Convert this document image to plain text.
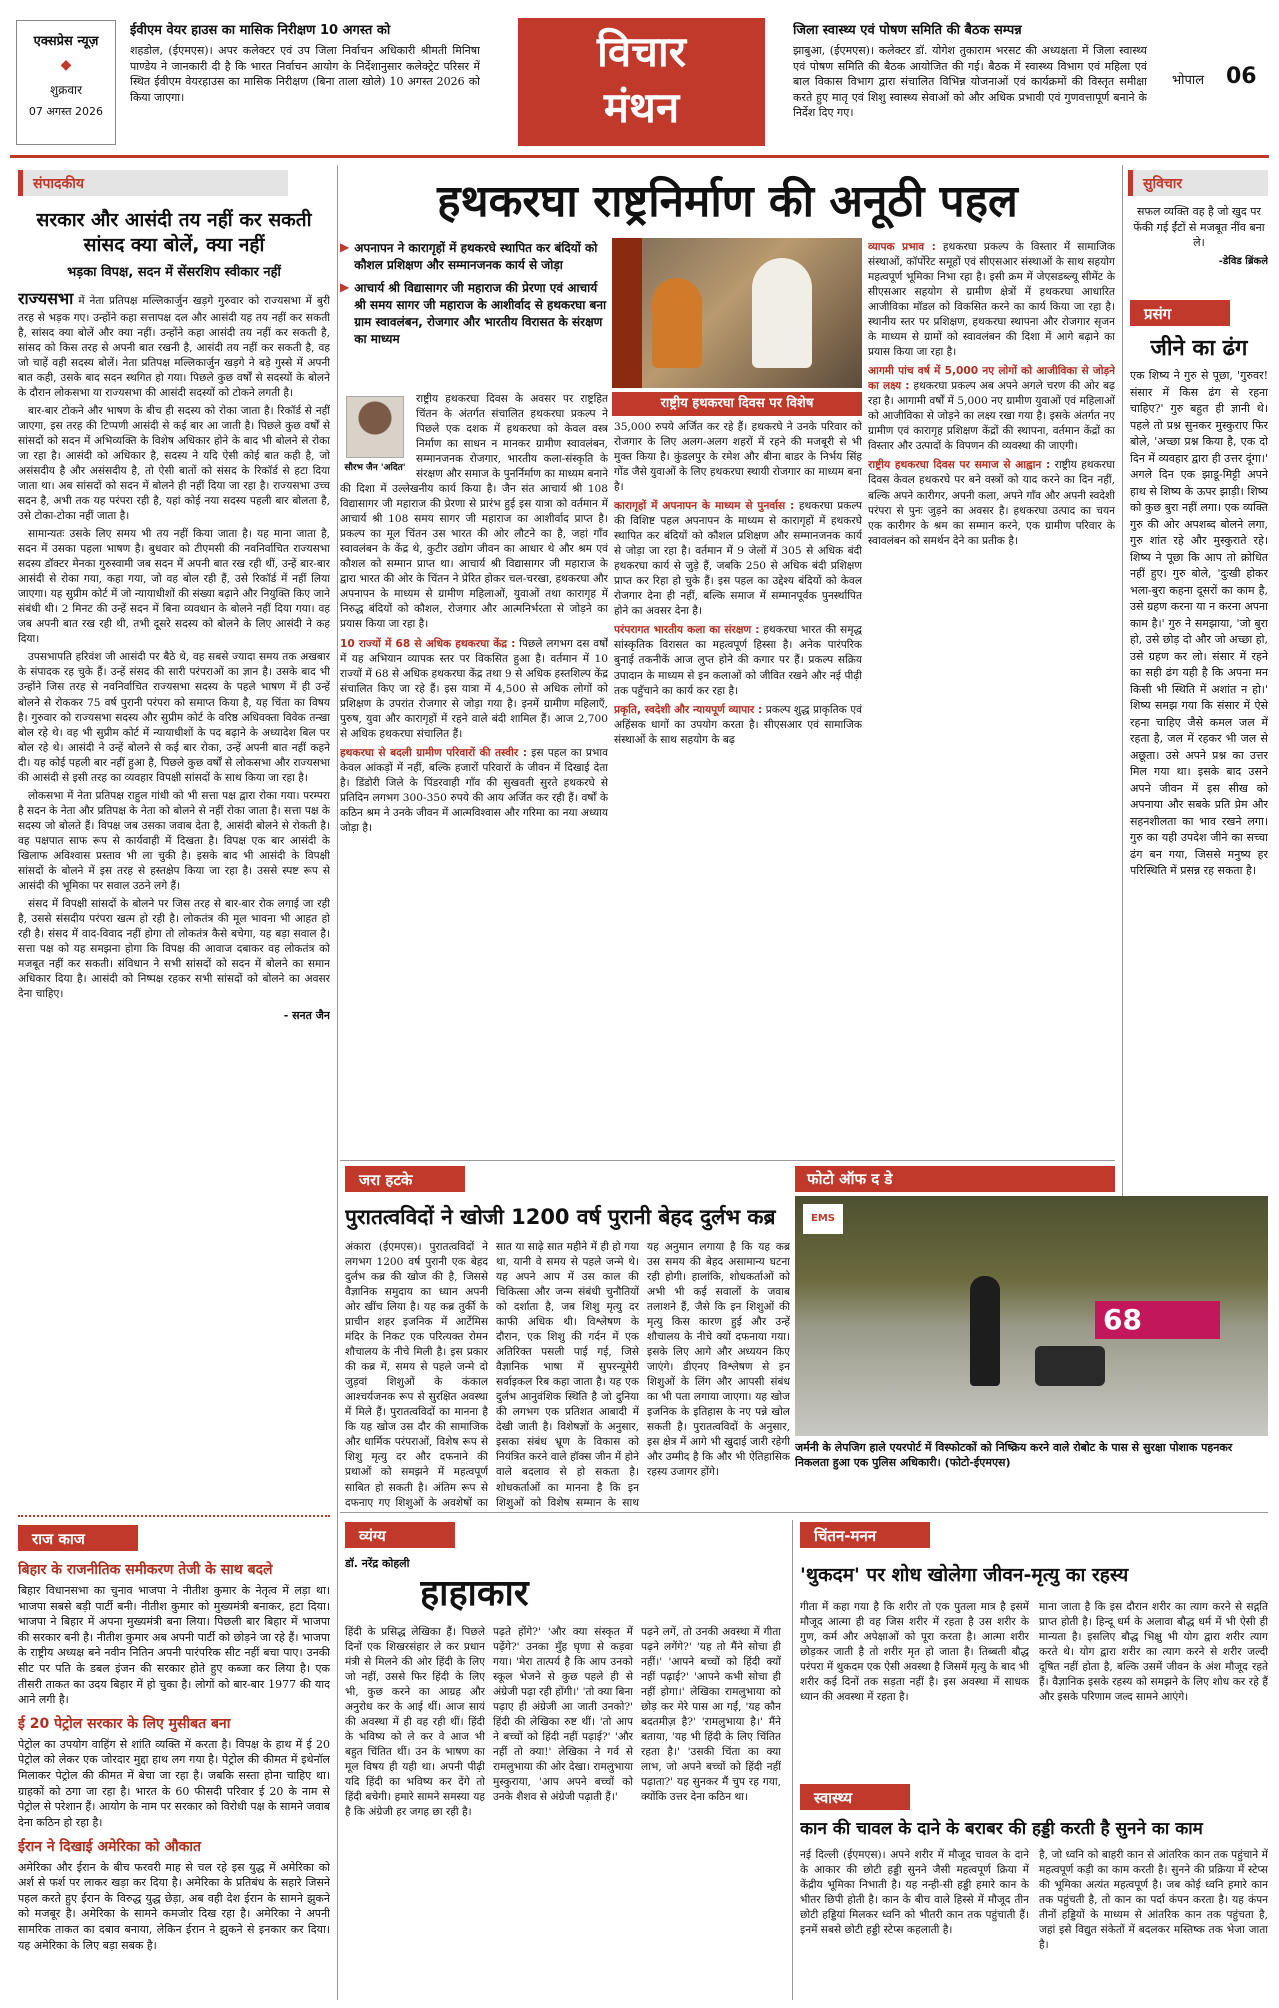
एक्सप्रेस न्यूज़
◆
शुक्रवार
07 अगस्त 2026
ईवीएम वेयर हाउस का मासिक निरीक्षण 10 अगस्त को
शहडोल, (ईएमएस)। अपर कलेक्टर एवं उप जिला निर्वाचन अधिकारी श्रीमती मिनिषा पाण्डेय ने जानकारी दी है कि भारत निर्वाचन आयोग के निर्देशानुसार कलेक्ट्रेट परिसर में स्थित ईवीएम वेयरहाउस का मासिक निरीक्षण (बिना ताला खोले) 10 अगस्त 2026 को किया जाएगा।
विचार
मंथन
जिला स्वास्थ्य एवं पोषण समिति की बैठक सम्पन्न
झाबुआ, (ईएमएस)। कलेक्टर डॉ. योगेश तुकाराम भरसट की अध्यक्षता में जिला स्वास्थ्य एवं पोषण समिति की बैठक आयोजित की गई। बैठक में स्वास्थ्य विभाग एवं महिला एवं बाल विकास विभाग द्वारा संचालित विभिन्न योजनाओं एवं कार्यक्रमों की विस्तृत समीक्षा करते हुए मातृ एवं शिशु स्वास्थ्य सेवाओं को और अधिक प्रभावी एवं गुणवत्तापूर्ण बनाने के निर्देश दिए गए।
भोपाल 06
संपादकीय
सरकार और आसंदी तय नहीं कर सकती सांसद क्या बोलें, क्या नहीं
भड़का विपक्ष, सदन में सेंसरशिप स्वीकार नहीं

राज्यसभा में नेता प्रतिपक्ष मल्लिकार्जुन खड़गे गुरुवार को राज्यसभा में बुरी तरह से भड़क गए। उन्होंने कहा सत्तापक्ष दल और आसंदी यह तय नहीं कर सकती है, सांसद क्या बोलें और क्या नहीं। उन्होंने कहा आसंदी तय नहीं कर सकती है, सांसद को किस तरह से अपनी बात रखनी है, आसंदी तय नहीं कर सकती है, वह जो चाहें वही सदस्य बोलें। नेता प्रतिपक्ष मल्लिकार्जुन खड़गे ने बड़े गुस्से में अपनी बात कही, उसके बाद सदन स्थगित हो गया। पिछले कुछ वर्षों से सदस्यों के बोलने के दौरान लोकसभा या राज्यसभा की आसंदी सदस्यों को टोकने लगती है।

बार-बार टोकने और भाषण के बीच ही सदस्य को रोका जाता है। रिकॉर्ड से नहीं जाएगा, इस तरह की टिप्पणी आसंदी से कई बार आ जाती है। पिछले कुछ वर्षों से सांसदों को सदन में अभिव्यक्ति के विशेष अधिकार होने के बाद भी बोलने से रोका जा रहा है। आसंदी को अधिकार है, सदस्य ने यदि ऐसी कोई बात कही है, जो असंसदीय है और असंसदीय है, तो ऐसी बातों को संसद के रिकॉर्ड से हटा दिया जाता था। अब सांसदों को सदन में बोलने ही नहीं दिया जा रहा है। राज्यसभा उच्च सदन है, अभी तक यह परंपरा रही है, यहां कोई नया सदस्य पहली बार बोलता है, उसे टोका-टोका नहीं जाता है।

सामान्यतः उसके लिए समय भी तय नहीं किया जाता है। यह माना जाता है, सदन में उसका पहला भाषण है। बुधवार को टीएमसी की नवनिर्वाचित राज्यसभा सदस्य डॉक्टर मेनका गुरुस्वामी जब सदन में अपनी बात रख रही थीं, उन्हें बार-बार आसंदी से रोका गया, कहा गया, जो वह बोल रही हैं, उसे रिकॉर्ड में नहीं लिया जाएगा। यह सुप्रीम कोर्ट में जो न्यायाधीशों की संख्या बढ़ाने और नियुक्ति किए जाने संबंधी थी। 2 मिनट की उन्हें सदन में बिना व्यवधान के बोलने नहीं दिया गया। वह जब अपनी बात रख रही थी, तभी दूसरे सदस्य को बोलने के लिए आसंदी ने कह दिया।

उपसभापति हरिवंश जी आसंदी पर बैठे थे, वह सबसे ज्यादा समय तक अखबार के संपादक रह चुके हैं। उन्हें संसद की सारी परंपराओं का ज्ञान है। उसके बाद भी उन्होंने जिस तरह से नवनिर्वाचित राज्यसभा सदस्य के पहले भाषण में ही उन्हें बोलने से रोककर 75 वर्ष पुरानी परंपरा को समाप्त किया है, यह चिंता का विषय है। गुरुवार को राज्यसभा सदस्य और सुप्रीम कोर्ट के वरिष्ठ अधिवक्ता विवेक तन्खा बोल रहे थे। वह भी सुप्रीम कोर्ट में न्यायाधीशों के पद बढ़ाने के अध्यादेश बिल पर बोल रहे थे। आसंदी ने उन्हें बोलने से कई बार रोका, उन्हें अपनी बात नहीं कहने दी। यह कोई पहली बार नहीं हुआ है, पिछले कुछ वर्षों से लोकसभा और राज्यसभा की आसंदी से इसी तरह का व्यवहार विपक्षी सांसदों के साथ किया जा रहा है।

लोकसभा में नेता प्रतिपक्ष राहुल गांधी को भी सत्ता पक्ष द्वारा रोका गया। परम्परा है सदन के नेता और प्रतिपक्ष के नेता को बोलने से नहीं रोका जाता है। सत्ता पक्ष के सदस्य जो बोलते हैं। विपक्ष जब उसका जवाब देता है, आसंदी बोलने से रोकती है। वह पक्षपात साफ रूप से कार्यवाही में दिखता है। विपक्ष एक बार आसंदी के खिलाफ अविश्वास प्रस्ताव भी ला चुकी है। इसके बाद भी आसंदी के विपक्षी सांसदों के बोलने में इस तरह से हस्तक्षेप किया जा रहा है। उससे स्पष्ट रूप से आसंदी की भूमिका पर सवाल उठने लगे हैं।

संसद में विपक्षी सांसदों के बोलने पर जिस तरह से बार-बार रोक लगाई जा रही है, उससे संसदीय परंपरा खत्म हो रही है। लोकतंत्र की मूल भावना भी आहत हो रही है। संसद में वाद-विवाद नहीं होगा तो लोकतंत्र कैसे बचेगा, यह बड़ा सवाल है। सत्ता पक्ष को यह समझना होगा कि विपक्ष की आवाज दबाकर वह लोकतंत्र को मजबूत नहीं कर सकती। संविधान ने सभी सांसदों को सदन में बोलने का समान अधिकार दिया है। आसंदी को निष्पक्ष रहकर सभी सांसदों को बोलने का अवसर देना चाहिए।

- सनत जैन
राज काज
बिहार के राजनीतिक समीकरण तेजी के साथ बदले
बिहार विधानसभा का चुनाव भाजपा ने नीतीश कुमार के नेतृत्व में लड़ा था। भाजपा सबसे बड़ी पार्टी बनी। नीतीश कुमार को मुख्यमंत्री बनाकर, हटा दिया। भाजपा ने बिहार में अपना मुख्यमंत्री बना लिया। पिछली बार बिहार में भाजपा की सरकार बनी है। नीतीश कुमार अब अपनी पार्टी को छोड़ने जा रहे हैं। भाजपा के राष्ट्रीय अध्यक्ष बने नवीन नितिन अपनी पारंपरिक सीट नहीं बचा पाए। उनकी सीट पर पति के डबल इंजन की सरकार होते हुए कब्जा कर लिया है। एक तीसरी ताकत का उदय बिहार में हो चुका है। लोगों को बार-बार 1977 की याद आने लगी है।
ई 20 पेट्रोल सरकार के लिए मुसीबत बना
पेट्रोल का उपयोग वाहिंग से शांति व्यक्ति में करता है। विपक्ष के हाथ में ई 20 पेट्रोल को लेकर एक जोरदार मुद्दा हाथ लग गया है। पेट्रोल की कीमत में इथेनॉल मिलाकर पेट्रोल की कीमत में बेचा जा रहा है। जबकि सस्ता होना चाहिए था। ग्राहकों को ठगा जा रहा है। भारत के 60 फीसदी परिवार ई 20 के नाम से पेट्रोल से परेशान हैं। आयोग के नाम पर सरकार को विरोधी पक्ष के सामने जवाब देना कठिन हो रहा है।
ईरान ने दिखाई अमेरिका को औकात
अमेरिका और ईरान के बीच फरवरी माह से चल रहे इस युद्ध में अमेरिका को अर्श से फर्श पर लाकर खड़ा कर दिया है। अमेरिका के प्रतिबंध के सहारे जिसने पहल करते हुए ईरान के विरुद्ध युद्ध छेड़ा, अब वही देश ईरान के सामने झुकने को मजबूर है। अमेरिका के सामने कमजोर दिख रहा है। अमेरिका ने अपनी सामरिक ताकत का दबाव बनाया, लेकिन ईरान ने झुकने से इनकार कर दिया। यह अमेरिका के लिए बड़ा सबक है।
हथकरघा राष्ट्रनिर्माण की अनूठी पहल
▶ अपनापन ने कारागृहों में हथकरघे स्थापित कर बंदियों को कौशल प्रशिक्षण और सम्मानजनक कार्य से जोड़ा
▶ आचार्य श्री विद्यासागर जी महाराज की प्रेरणा एवं आचार्य श्री समय सागर जी महाराज के आशीर्वाद से हथकरघा बना ग्राम स्वावलंबन, रोजगार और भारतीय विरासत के संरक्षण का माध्यम
राष्ट्रीय हथकरघा दिवस पर विशेष
सौरभ जैन 'अदित'
राष्ट्रीय हथकरघा दिवस के अवसर पर राष्ट्रहित चिंतन के अंतर्गत संचालित हथकरघा प्रकल्प ने पिछले एक दशक में हथकरघा को केवल वस्त्र निर्माण का साधन न मानकर ग्रामीण स्वावलंबन, सम्मानजनक रोजगार, भारतीय कला-संस्कृति के संरक्षण और समाज के पुनर्निर्माण का माध्यम बनाने की दिशा में उल्लेखनीय कार्य किया है। जैन संत आचार्य श्री 108 विद्यासागर जी महाराज की प्रेरणा से प्रारंभ हुई इस यात्रा को वर्तमान में आचार्य श्री 108 समय सागर जी महाराज का आशीर्वाद प्राप्त है। प्रकल्प का मूल चिंतन उस भारत की ओर लौटने का है, जहां गाँव स्वावलंबन के केंद्र थे, कुटीर उद्योग जीवन का आधार थे और श्रम एवं कौशल को सम्मान प्राप्त था। आचार्य श्री विद्यासागर जी महाराज के द्वारा भारत की ओर के चिंतन ने प्रेरित होकर चल-चरखा, हथकरघा और अपनापन के माध्यम से ग्रामीण महिलाओं, युवाओं तथा कारागृह में निरुद्ध बंदियों को कौशल, रोजगार और आत्मनिर्भरता से जोड़ने का प्रयास किया जा रहा है।
10 राज्यों में 68 से अधिक हथकरघा केंद्र : पिछले लगभग दस वर्षों में यह अभियान व्यापक स्तर पर विकसित हुआ है। वर्तमान में 10 राज्यों में 68 से अधिक हथकरघा केंद्र तथा 9 से अधिक हस्तशिल्प केंद्र संचालित किए जा रहे हैं। इस यात्रा में 4,500 से अधिक लोगों को प्रशिक्षण के उपरांत रोजगार से जोड़ा गया है। इनमें ग्रामीण महिलाएँ, पुरुष, युवा और कारागृहों में रहने वाले बंदी शामिल हैं। आज 2,700 से अधिक हथकरघा संचालित हैं।
हथकरघा से बदली ग्रामीण परिवारों की तस्वीर : इस पहल का प्रभाव केवल आंकड़ों में नहीं, बल्कि हजारों परिवारों के जीवन में दिखाई देता है। डिंडोरी जिले के पिंडरवाही गाँव की सुखवती सुरते हथकरघे से प्रतिदिन लगभग 300-350 रुपये की आय अर्जित कर रही हैं। वर्षों के कठिन श्रम ने उनके जीवन में आत्मविश्वास और गरिमा का नया अध्याय जोड़ा है।
35,000 रुपये अर्जित कर रहे हैं। हथकरघे ने उनके परिवार को रोजगार के लिए अलग-अलग शहरों में रहने की मजबूरी से भी मुक्त किया है। कुंडलपुर के रमेश और बीना बाडर के निर्भय सिंह गोंड जैसे युवाओं के लिए हथकरघा स्थायी रोजगार का माध्यम बना है।
कारागृहों में अपनापन के माध्यम से पुनर्वास : हथकरघा प्रकल्प की विशिष्ट पहल अपनापन के माध्यम से कारागृहों में हथकरघे स्थापित कर बंदियों को कौशल प्रशिक्षण और सम्मानजनक कार्य से जोड़ा जा रहा है। वर्तमान में 9 जेलों में 305 से अधिक बंदी हथकरघा कार्य से जुड़े हैं, जबकि 250 से अधिक बंदी प्रशिक्षण प्राप्त कर रिहा हो चुके हैं। इस पहल का उद्देश्य बंदियों को केवल रोजगार देना ही नहीं, बल्कि समाज में सम्मानपूर्वक पुनर्स्थापित होने का अवसर देना है।
परंपरागत भारतीय कला का संरक्षण : हथकरघा भारत की समृद्ध सांस्कृतिक विरासत का महत्वपूर्ण हिस्सा है। अनेक पारंपरिक बुनाई तकनीकें आज लुप्त होने की कगार पर हैं। प्रकल्प सक्रिय उपादान के माध्यम से इन कलाओं को जीवित रखने और नई पीढ़ी तक पहुँचाने का कार्य कर रहा है।
प्रकृति, स्वदेशी और न्यायपूर्ण व्यापार : प्रकल्प शुद्ध प्राकृतिक एवं अहिंसक धागों का उपयोग करता है। सीएसआर एवं सामाजिक संस्थाओं के साथ सहयोग के बढ़
व्यापक प्रभाव : हथकरघा प्रकल्प के विस्तार में सामाजिक संस्थाओं, कॉर्पोरेट समूहों एवं सीएसआर संस्थाओं के साथ सहयोग महत्वपूर्ण भूमिका निभा रहा है। इसी क्रम में जेएसडब्ल्यू सीमेंट के सीएसआर सहयोग से ग्रामीण क्षेत्रों में हथकरघा आधारित आजीविका मॉडल को विकसित करने का कार्य किया जा रहा है। स्थानीय स्तर पर प्रशिक्षण, हथकरघा स्थापना और रोजगार सृजन के माध्यम से ग्रामों को स्वावलंबन की दिशा में आगे बढ़ाने का प्रयास किया जा रहा है।
आगमी पांच वर्ष में 5,000 नए लोगों को आजीविका से जोड़ने का लक्ष्य : हथकरघा प्रकल्प अब अपने अगले चरण की ओर बढ़ रहा है। आगामी वर्षों में 5,000 नए ग्रामीण युवाओं एवं महिलाओं को आजीविका से जोड़ने का लक्ष्य रखा गया है। इसके अंतर्गत नए ग्रामीण एवं कारागृह प्रशिक्षण केंद्रों की स्थापना, वर्तमान केंद्रों का विस्तार और उत्पादों के विपणन की व्यवस्था की जाएगी।
राष्ट्रीय हथकरघा दिवस पर समाज से आह्वान : राष्ट्रीय हथकरघा दिवस केवल हथकरघे पर बने वस्त्रों को याद करने का दिन नहीं, बल्कि अपने कारीगर, अपनी कला, अपने गाँव और अपनी स्वदेशी परंपरा से पुनः जुड़ने का अवसर है। हथकरघा उत्पाद का चयन एक कारीगर के श्रम का सम्मान करने, एक ग्रामीण परिवार के स्वावलंबन को समर्थन देने का प्रतीक है।
सुविचार
सफल व्यक्ति वह है जो खुद पर फेंकी गई ईंटों से मजबूत नींव बना ले।
-डेविड ब्रिंकले
प्रसंग
जीने का ढंग
एक शिष्य ने गुरु से पूछा, 'गुरुवर! संसार में किस ढंग से रहना चाहिए?' गुरु बहुत ही ज्ञानी थे। पहले तो प्रश्न सुनकर मुस्कुराए फिर बोले, 'अच्छा प्रश्न किया है, एक दो दिन में व्यवहार द्वारा ही उत्तर दूंगा।' अगले दिन एक झाडू-मिट्टी अपने हाथ से शिष्य के ऊपर झाड़ी। शिष्य को कुछ बुरा नहीं लगा। एक व्यक्ति गुरु की ओर अपशब्द बोलने लगा, गुरु शांत रहे और मुस्कुराते रहे। शिष्य ने पूछा कि आप तो क्रोधित नहीं हुए। गुरु बोले, 'दुःखी होकर भला-बुरा कहना दूसरों का काम है, उसे ग्रहण करना या न करना अपना काम है।' गुरु ने समझाया, 'जो बुरा हो, उसे छोड़ दो और जो अच्छा हो, उसे ग्रहण कर लो। संसार में रहने का सही ढंग यही है कि अपना मन किसी भी स्थिति में अशांत न हो।' शिष्य समझ गया कि संसार में ऐसे रहना चाहिए जैसे कमल जल में रहता है, जल में रहकर भी जल से अछूता। उसे अपने प्रश्न का उत्तर मिल गया था। इसके बाद उसने अपने जीवन में इस सीख को अपनाया और सबके प्रति प्रेम और सहनशीलता का भाव रखने लगा। गुरु का यही उपदेश जीने का सच्चा ढंग बन गया, जिससे मनुष्य हर परिस्थिति में प्रसन्न रह सकता है।
जरा हटके
पुरातत्वविदों ने खोजी 1200 वर्ष पुरानी बेहद दुर्लभ कब्र
अंकारा (ईएमएस)। पुरातत्वविदों ने लगभग 1200 वर्ष पुरानी एक बेहद दुर्लभ कब्र की खोज की है, जिससे वैज्ञानिक समुदाय का ध्यान अपनी ओर खींच लिया है। यह कब्र तुर्की के प्राचीन शहर इजनिक में आर्टेमिस मंदिर के निकट एक परित्यक्त रोमन शौचालय के नीचे मिली है। इस प्रकार की कब्र में, समय से पहले जन्मे दो जुड़वां शिशुओं के कंकाल आश्चर्यजनक रूप से सुरक्षित अवस्था में मिले हैं। पुरातत्वविदों का मानना है कि यह खोज उस दौर की सामाजिक और धार्मिक परंपराओं, विशेष रूप से शिशु मृत्यु दर और दफनाने की प्रथाओं को समझने में महत्वपूर्ण साबित हो सकती है। अंतिम रूप से दफनाए गए शिशुओं के अवशेषों का
सात या साढ़े सात महीने में ही हो गया था, यानी वे समय से पहले जन्मे थे। यह अपने आप में उस काल की चिकित्सा और जन्म संबंधी चुनौतियों को दर्शाता है, जब शिशु मृत्यु दर काफी अधिक थी। विश्लेषण के दौरान, एक शिशु की गर्दन में एक अतिरिक्त पसली पाई गई, जिसे वैज्ञानिक भाषा में सुपरन्यूमेरी सर्वाइकल रिब कहा जाता है। यह एक दुर्लभ आनुवंशिक स्थिति है जो दुनिया की लगभग एक प्रतिशत आबादी में देखी जाती है। विशेषज्ञों के अनुसार, इसका संबंध भ्रूण के विकास को नियंत्रित करने वाले हॉक्स जीन में होने वाले बदलाव से हो सकता है। शोधकर्ताओं का मानना है कि इन शिशुओं को विशेष सम्मान के साथ
यह अनुमान लगाया है कि यह कब्र उस समय की बेहद असामान्य घटना रही होगी। हालांकि, शोधकर्ताओं को अभी भी कई सवालों के जवाब तलाशने हैं, जैसे कि इन शिशुओं की मृत्यु किस कारण हुई और उन्हें शौचालय के नीचे क्यों दफनाया गया। इसके लिए आगे और अध्ययन किए जाएंगे। डीएनए विश्लेषण से इन शिशुओं के लिंग और आपसी संबंध का भी पता लगाया जाएगा। यह खोज इजनिक के इतिहास के नए पन्ने खोल सकती है। पुरातत्वविदों के अनुसार, इस क्षेत्र में आगे भी खुदाई जारी रहेगी और उम्मीद है कि और भी ऐतिहासिक रहस्य उजागर होंगे।
फोटो ऑफ द डे
68
EMS
जर्मनी के लेपजिग हाले एयरपोर्ट में विस्फोटकों को निष्क्रिय करने वाले रोबोट के पास से सुरक्षा पोशाक पहनकर निकलता हुआ एक पुलिस अधिकारी। (फोटो-ईएमएस)
व्यंग्य
डॉ. नरेंद्र कोहली
हाहाकार
हिंदी के प्रसिद्ध लेखिका हैं। पिछले दिनों एक शिखरसंहार ले कर प्रधान मंत्री से मिलने की ओर हिंदी के लिए जो नहीं, उससे फिर हिंदी के लिए भी, कुछ करने का आग्रह और अनुरोध कर के आई थीं। आज सायं की अवस्था में ही वह रही थीं। हिंदी के भविष्य को ले कर वे आज भी बहुत चिंतित थीं। उन के भाषण का मूल विषय ही यही था। अपनी पीढ़ी यदि हिंदी का भविष्य कर देंगे तो हिंदी बचेगी। हमारे सामने समस्या यह है कि अंग्रेजी हर जगह छा रही है।
पढ़ते होंगे?' 'और क्या संस्कृत में पढ़ेंगे?' उनका मुँह घृणा से कड़वा गया। 'मेरा तात्पर्य है कि आप उनको स्कूल भेजने से कुछ पहले ही से अंग्रेजी पढ़ा रही होंगी।' 'तो क्या बिना पढ़ाए ही अंग्रेजी आ जाती उनको?' हिंदी की लेखिका रुष्ट थीं। 'तो आप ने बच्चों को हिंदी नहीं पढ़ाई?' 'और नहीं तो क्या!' लेखिका ने गर्व से रामलुभाया की ओर देखा। रामलुभाया मुस्कुराया, 'आप अपने बच्चों को उनके शैशव से अंग्रेजी पढ़ाती हैं।'
पढ़ने लगें, तो उनकी अवस्था में गीता पढ़ने लगेंगे?' 'यह तो मैंने सोचा ही नहीं।' 'आपने बच्चों को हिंदी क्यों नहीं पढ़ाई?' 'आपने कभी सोचा ही नहीं होगा।' लेखिका रामलुभाया को छोड़ कर मेरे पास आ गईं, 'यह कौन बदतमीज़ है?' 'रामलुभाया है।' मैंने बताया, 'यह भी हिंदी के लिए चिंतित रहता है।' 'उसकी चिंता का क्या लाभ, जो अपने बच्चों को हिंदी नहीं पढ़ाता?' यह सुनकर मैं चुप रह गया, क्योंकि उत्तर देना कठिन था।
चिंतन-मनन
'थुकदम' पर शोध खोलेगा जीवन-मृत्यु का रहस्य
गीता में कहा गया है कि शरीर तो एक पुतला मात्र है इसमें मौजूद आत्मा ही वह जिस शरीर में रहता है उस शरीर के गुण, कर्म और अपेक्षाओं को पूरा करता है। आत्मा शरीर छोड़कर जाती है तो शरीर मृत हो जाता है। तिब्बती बौद्ध परंपरा में थुकदम एक ऐसी अवस्था है जिसमें मृत्यु के बाद भी शरीर कई दिनों तक सड़ता नहीं है। इस अवस्था में साधक ध्यान की अवस्था में रहता है।
माना जाता है कि इस दौरान शरीर का त्याग करने से सद्गति प्राप्त होती है। हिन्दू धर्म के अलावा बौद्ध धर्म में भी ऐसी ही मान्यता है। इसलिए बौद्ध भिक्षु भी योग द्वारा शरीर त्याग करते थे। योग द्वारा शरीर का त्याग करने से शरीर जल्दी दूषित नहीं होता है, बल्कि उसमें जीवन के अंश मौजूद रहते हैं। वैज्ञानिक इसके रहस्य को समझने के लिए शोध कर रहे हैं और इसके परिणाम जल्द सामने आएंगे।
स्वास्थ्य
कान की चावल के दाने के बराबर की हड्डी करती है सुनने का काम
नई दिल्ली (ईएमएस)। अपने शरीर में मौजूद चावल के दाने के आकार की छोटी हड्डी सुनने जैसी महत्वपूर्ण क्रिया में केंद्रीय भूमिका निभाती है। यह नन्ही-सी हड्डी हमारे कान के भीतर छिपी होती है। कान के बीच वाले हिस्से में मौजूद तीन छोटी हड्डियां मिलकर ध्वनि को भीतरी कान तक पहुंचाती हैं। इनमें सबसे छोटी हड्डी स्टेप्स कहलाती है।
है, जो ध्वनि को बाहरी कान से आंतरिक कान तक पहुंचाने में महत्वपूर्ण कड़ी का काम करती है। सुनने की प्रक्रिया में स्टेप्स की भूमिका अत्यंत महत्वपूर्ण है। जब कोई ध्वनि हमारे कान तक पहुंचती है, तो कान का पर्दा कंपन करता है। यह कंपन तीनों हड्डियों के माध्यम से आंतरिक कान तक पहुंचता है, जहां इसे विद्युत संकेतों में बदलकर मस्तिष्क तक भेजा जाता है।
